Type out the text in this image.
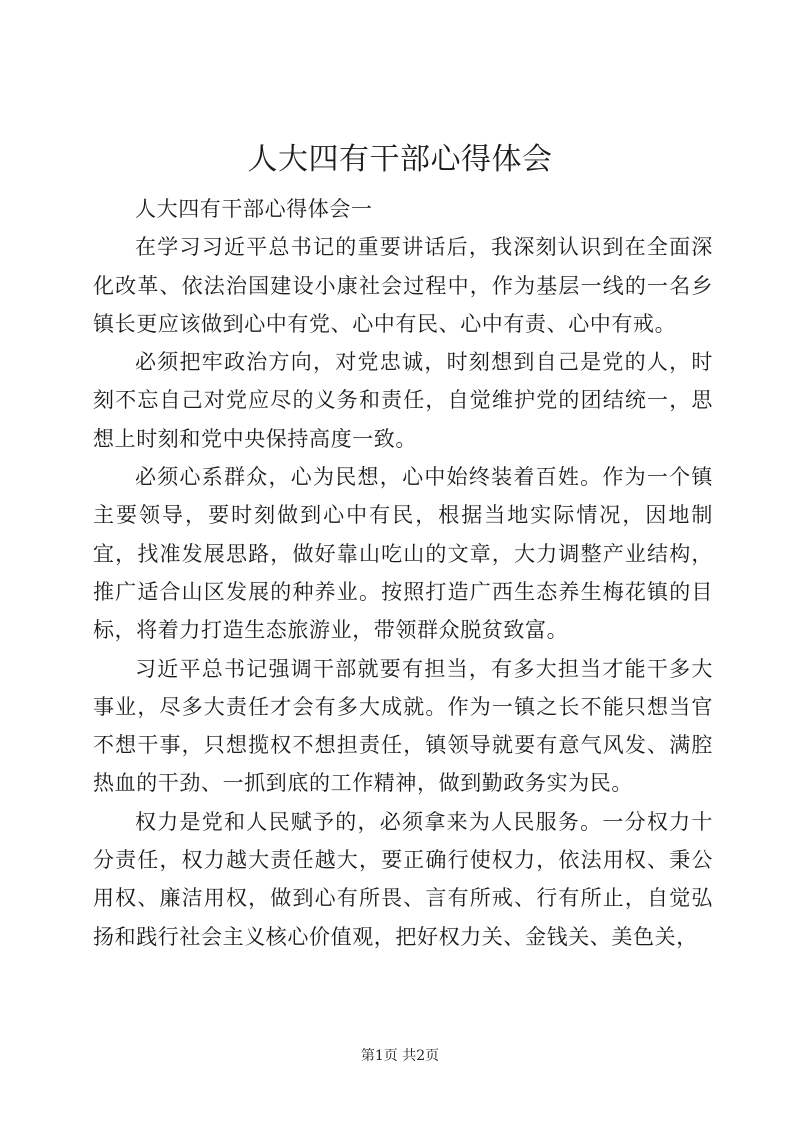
人大四有干部心得体会

人大四有干部心得体会一

在学习习近平总书记的重要讲话后，我深刻认识到在全面深化改革、依法治国建设小康社会过程中，作为基层一线的一名乡镇长更应该做到心中有党、心中有民、心中有责、心中有戒。

必须把牢政治方向，对党忠诚，时刻想到自己是党的人，时刻不忘自己对党应尽的义务和责任，自觉维护党的团结统一，思想上时刻和党中央保持高度一致。

必须心系群众，心为民想，心中始终装着百姓。作为一个镇主要领导，要时刻做到心中有民，根据当地实际情况，因地制宜，找准发展思路，做好靠山吃山的文章，大力调整产业结构，推广适合山区发展的种养业。按照打造广西生态养生梅花镇的目标，将着力打造生态旅游业，带领群众脱贫致富。

习近平总书记强调干部就要有担当，有多大担当才能干多大事业，尽多大责任才会有多大成就。作为一镇之长不能只想当官不想干事，只想揽权不想担责任，镇领导就要有意气风发、满腔热血的干劲、一抓到底的工作精神，做到勤政务实为民。

权力是党和人民赋予的，必须拿来为人民服务。一分权力十分责任，权力越大责任越大，要正确行使权力，依法用权、秉公用权、廉洁用权，做到心有所畏、言有所戒、行有所止，自觉弘扬和践行社会主义核心价值观，把好权力关、金钱关、美色关，

第1页 共2页
